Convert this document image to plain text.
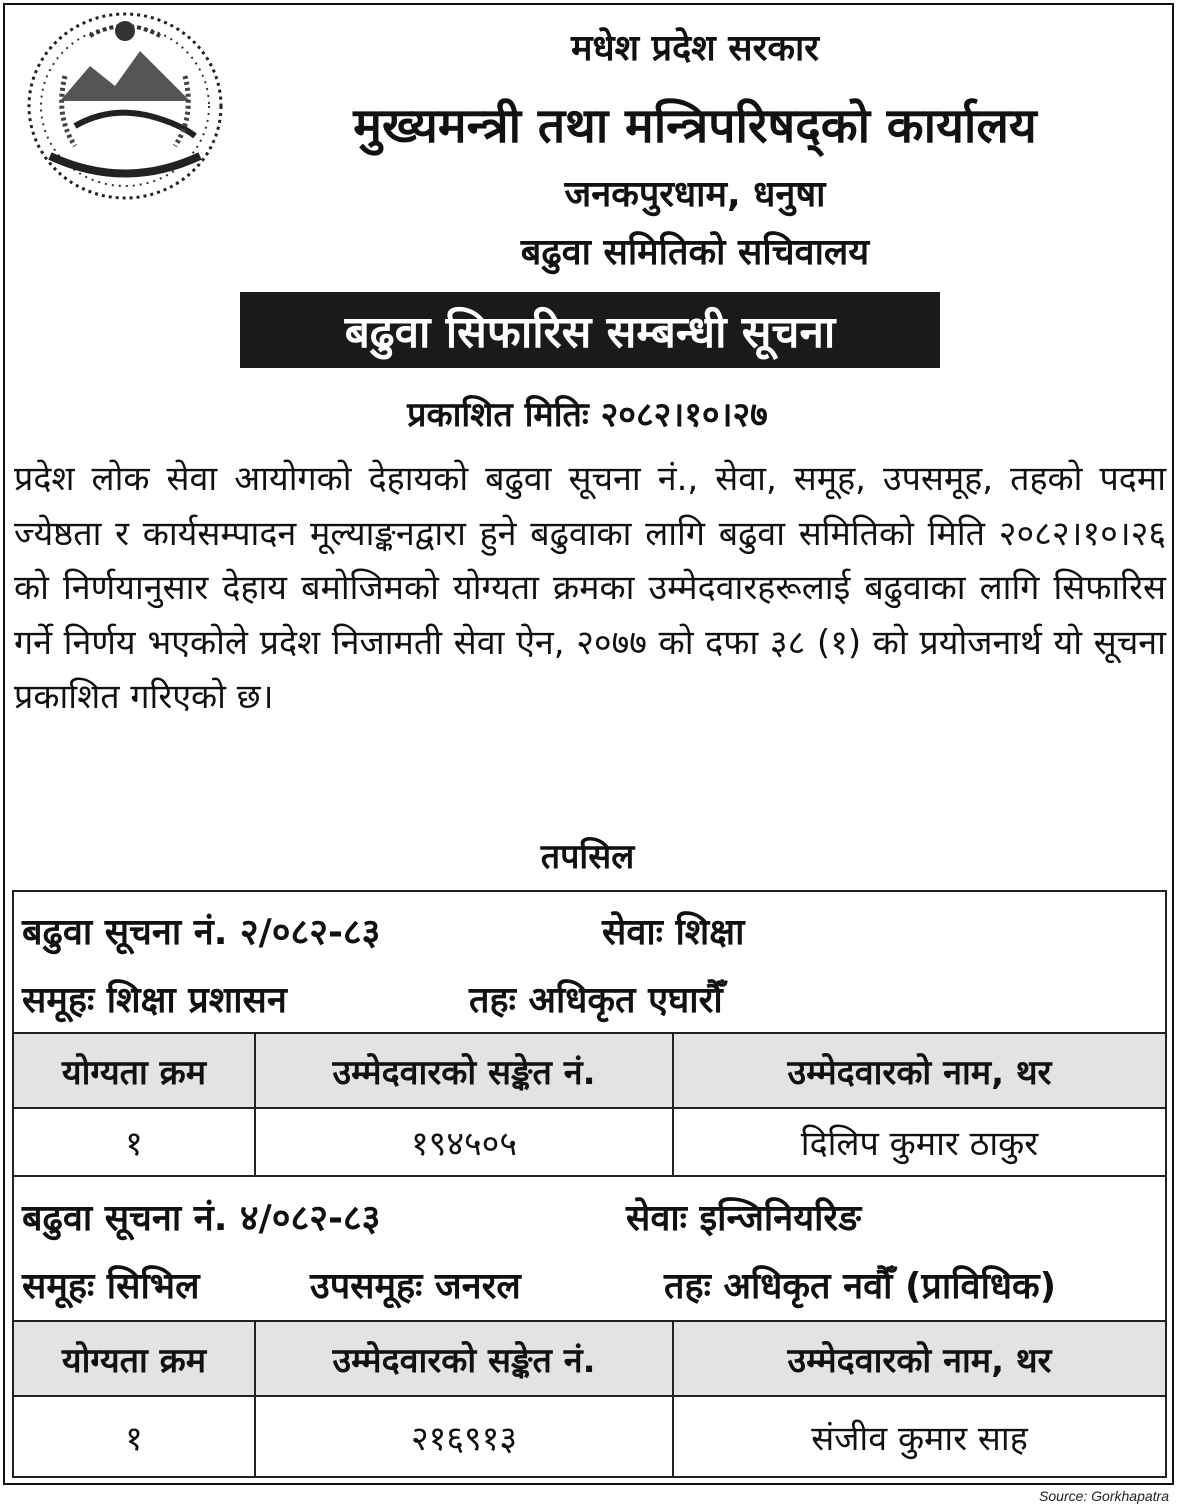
मधेश प्रदेश सरकार
मुख्यमन्त्री तथा मन्त्रिपरिषद्को कार्यालय
जनकपुरधाम, धनुषा
बढुवा समितिको सचिवालय
बढुवा सिफारिस सम्बन्धी सूचना
प्रकाशित मितिः २०८२।१०।२७
प्रदेश लोक सेवा आयोगको देहायको बढुवा सूचना नं., सेवा, समूह, उपसमूह, तहको पदमा ज्येष्ठता र कार्यसम्पादन मूल्याङ्कनद्वारा हुने बढुवाका लागि बढुवा समितिको मिति २०८२।१०।२६ को निर्णयानुसार देहाय बमोजिमको योग्यता क्रमका उम्मेदवारहरूलाई बढुवाका लागि सिफारिस गर्ने निर्णय भएकोले प्रदेश निजामती सेवा ऐन, २०७७ को दफा ३८ (१) को प्रयोजनार्थ यो सूचना प्रकाशित गरिएको छ।
तपसिल
बढुवा सूचना नं. २/०८२-८३	सेवाः शिक्षा
समूहः शिक्षा प्रशासन	तहः अधिकृत एघारौँ
योग्यता क्रम	उम्मेदवारको सङ्केत नं.	उम्मेदवारको नाम, थर
१	१९४५०५	दिलिप कुमार ठाकुर
बढुवा सूचना नं. ४/०८२-८३	सेवाः इन्जिनियरिङ
समूहः सिभिल	उपसमूहः जनरल	तहः अधिकृत नवौँ (प्राविधिक)
योग्यता क्रम	उम्मेदवारको सङ्केत नं.	उम्मेदवारको नाम, थर
१	२१६९१३	संजीव कुमार साह
Source: Gorkhapatra
